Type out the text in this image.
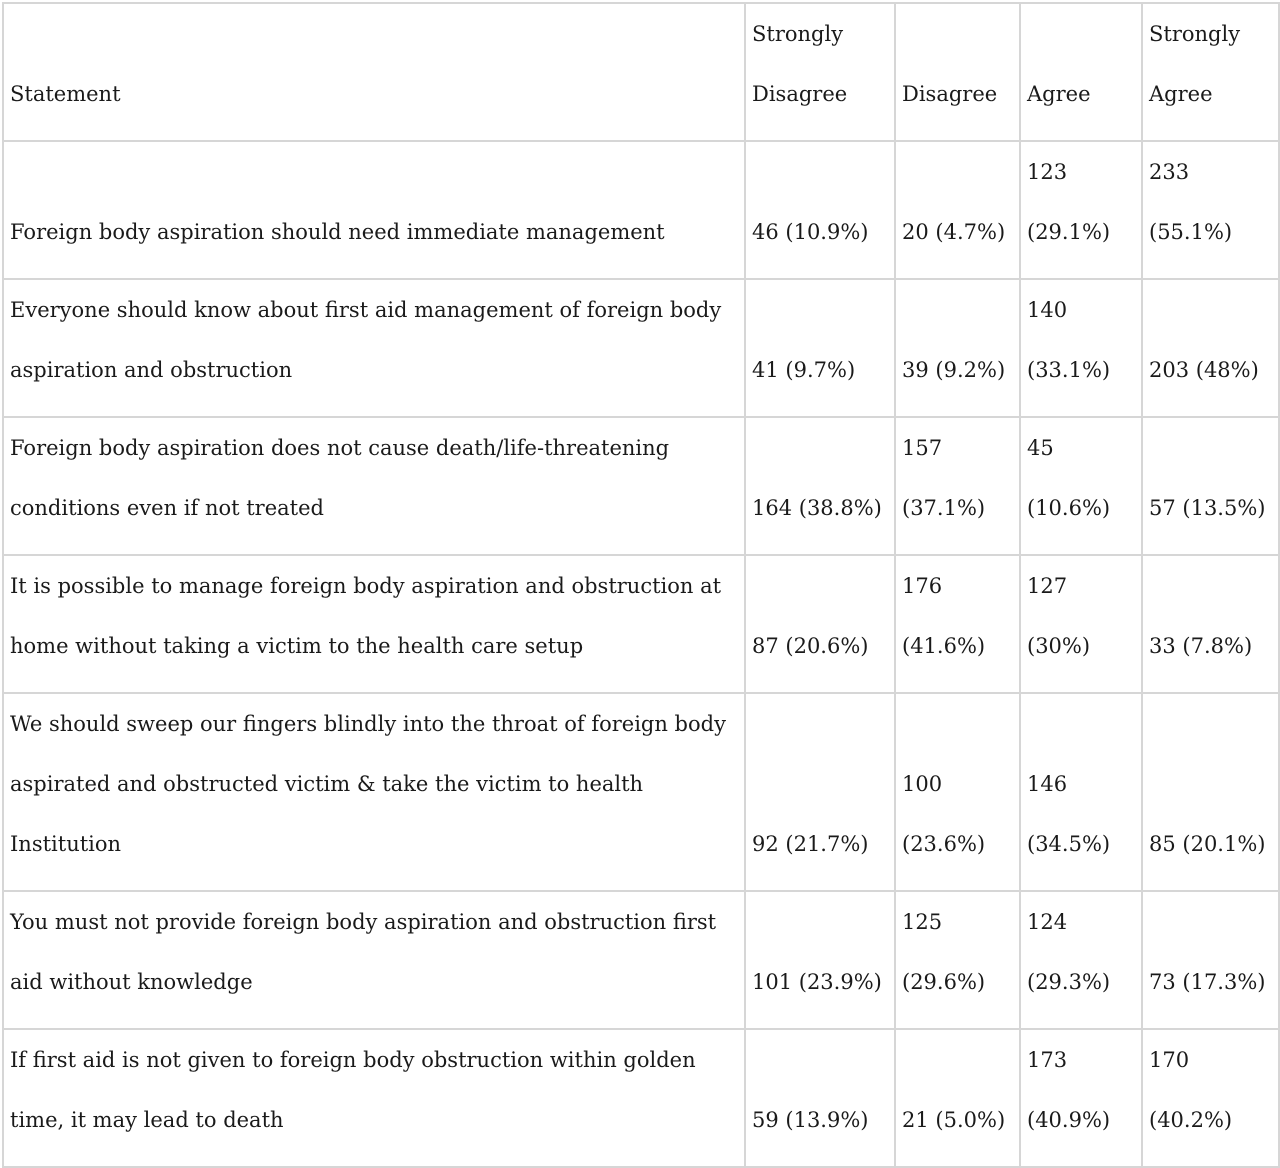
Statement	Strongly Disagree	Disagree	Agree	Strongly Agree
Foreign body aspiration should need immediate management	46 (10.9%)	20 (4.7%)	123 (29.1%)	233 (55.1%)
Everyone should know about first aid management of foreign body aspiration and obstruction	41 (9.7%)	39 (9.2%)	140 (33.1%)	203 (48%)
Foreign body aspiration does not cause death/life-threatening conditions even if not treated	164 (38.8%)	157 (37.1%)	45 (10.6%)	57 (13.5%)
It is possible to manage foreign body aspiration and obstruction at home without taking a victim to the health care setup	87 (20.6%)	176 (41.6%)	127 (30%)	33 (7.8%)
We should sweep our fingers blindly into the throat of foreign body aspirated and obstructed victim & take the victim to health Institution	92 (21.7%)	100 (23.6%)	146 (34.5%)	85 (20.1%)
You must not provide foreign body aspiration and obstruction first aid without knowledge	101 (23.9%)	125 (29.6%)	124 (29.3%)	73 (17.3%)
If first aid is not given to foreign body obstruction within golden time, it may lead to death	59 (13.9%)	21 (5.0%)	173 (40.9%)	170 (40.2%)
